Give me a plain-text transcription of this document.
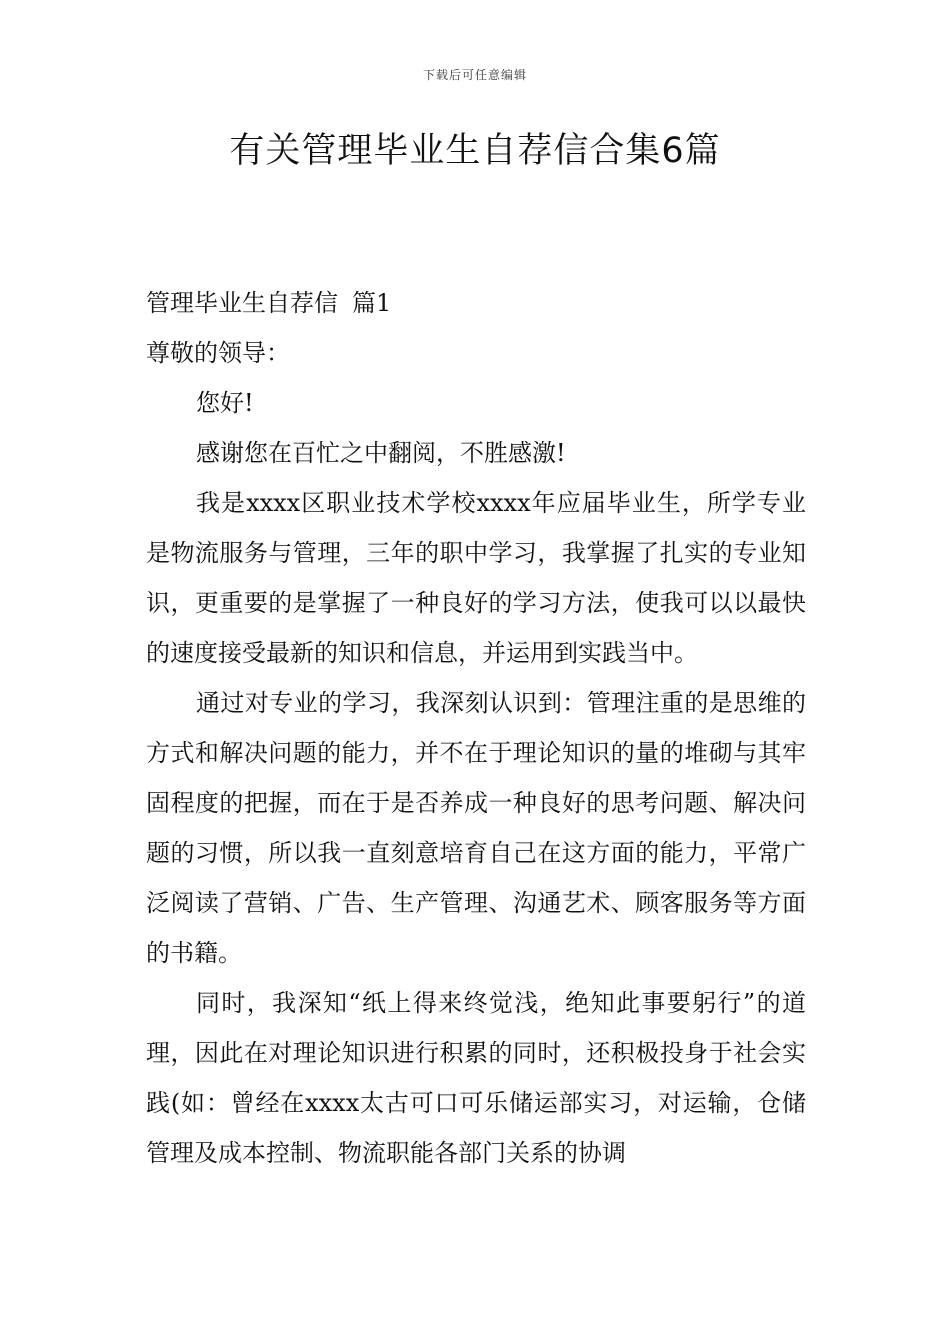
下载后可任意编辑
有关管理毕业生自荐信合集6篇

管理毕业生自荐信 篇1

尊敬的领导：

您好!

感谢您在百忙之中翻阅，不胜感激!

我是xxxx区职业技术学校xxxx年应届毕业生，所学专业是物流服务与管理，三年的职中学习，我掌握了扎实的专业知识，更重要的是掌握了一种良好的学习方法，使我可以以最快的速度接受最新的知识和信息，并运用到实践当中。

通过对专业的学习，我深刻认识到：管理注重的是思维的方式和解决问题的能力，并不在于理论知识的量的堆砌与其牢固程度的把握，而在于是否养成一种良好的思考问题、解决问题的习惯，所以我一直刻意培育自己在这方面的能力，平常广泛阅读了营销、广告、生产管理、沟通艺术、顾客服务等方面的书籍。

同时，我深知“纸上得来终觉浅，绝知此事要躬行”的道理，因此在对理论知识进行积累的同时，还积极投身于社会实践(如：曾经在xxxx太古可口可乐储运部实习，对运输，仓储管理及成本控制、物流职能各部门关系的协调
